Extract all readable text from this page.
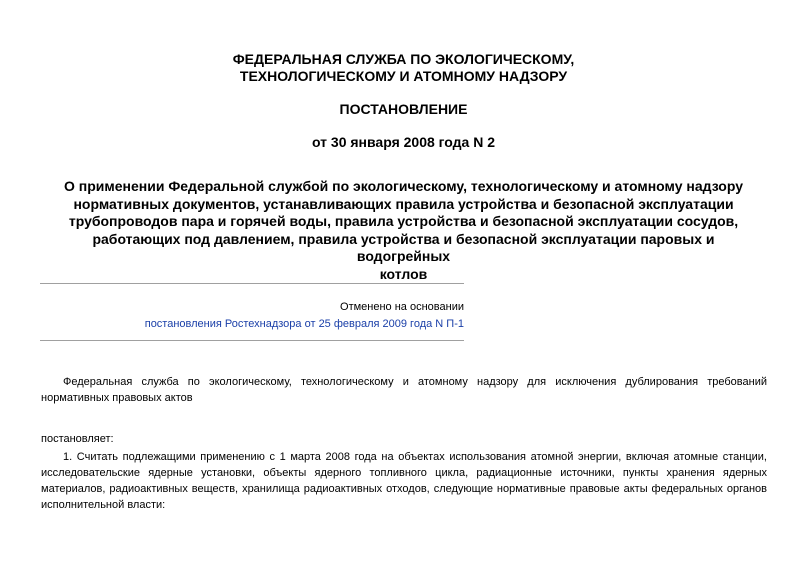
ФЕДЕРАЛЬНАЯ СЛУЖБА ПО ЭКОЛОГИЧЕСКОМУ,
ТЕХНОЛОГИЧЕСКОМУ И АТОМНОМУ НАДЗОРУ
ПОСТАНОВЛЕНИЕ
от 30 января 2008 года N 2
О применении Федеральной службой по экологическому, технологическому и атомному надзору
нормативных документов, устанавливающих правила устройства и безопасной эксплуатации
трубопроводов пара и горячей воды, правила устройства и безопасной эксплуатации сосудов,
работающих под давлением, правила устройства и безопасной эксплуатации паровых и водогрейных
котлов
Отменено на основании
постановления Ростехнадзора от 25 февраля 2009 года N П-1

Федеральная служба по экологическому, технологическому и атомному надзору для исключения дублирования требований нормативных правовых актов

постановляет:

1. Считать подлежащими применению с 1 марта 2008 года на объектах использования атомной энергии, включая атомные станции, исследовательские ядерные установки, объекты ядерного топливного цикла, радиационные источники, пункты хранения ядерных материалов, радиоактивных веществ, хранилища радиоактивных отходов, следующие нормативные правовые акты федеральных органов исполнительной власти:
